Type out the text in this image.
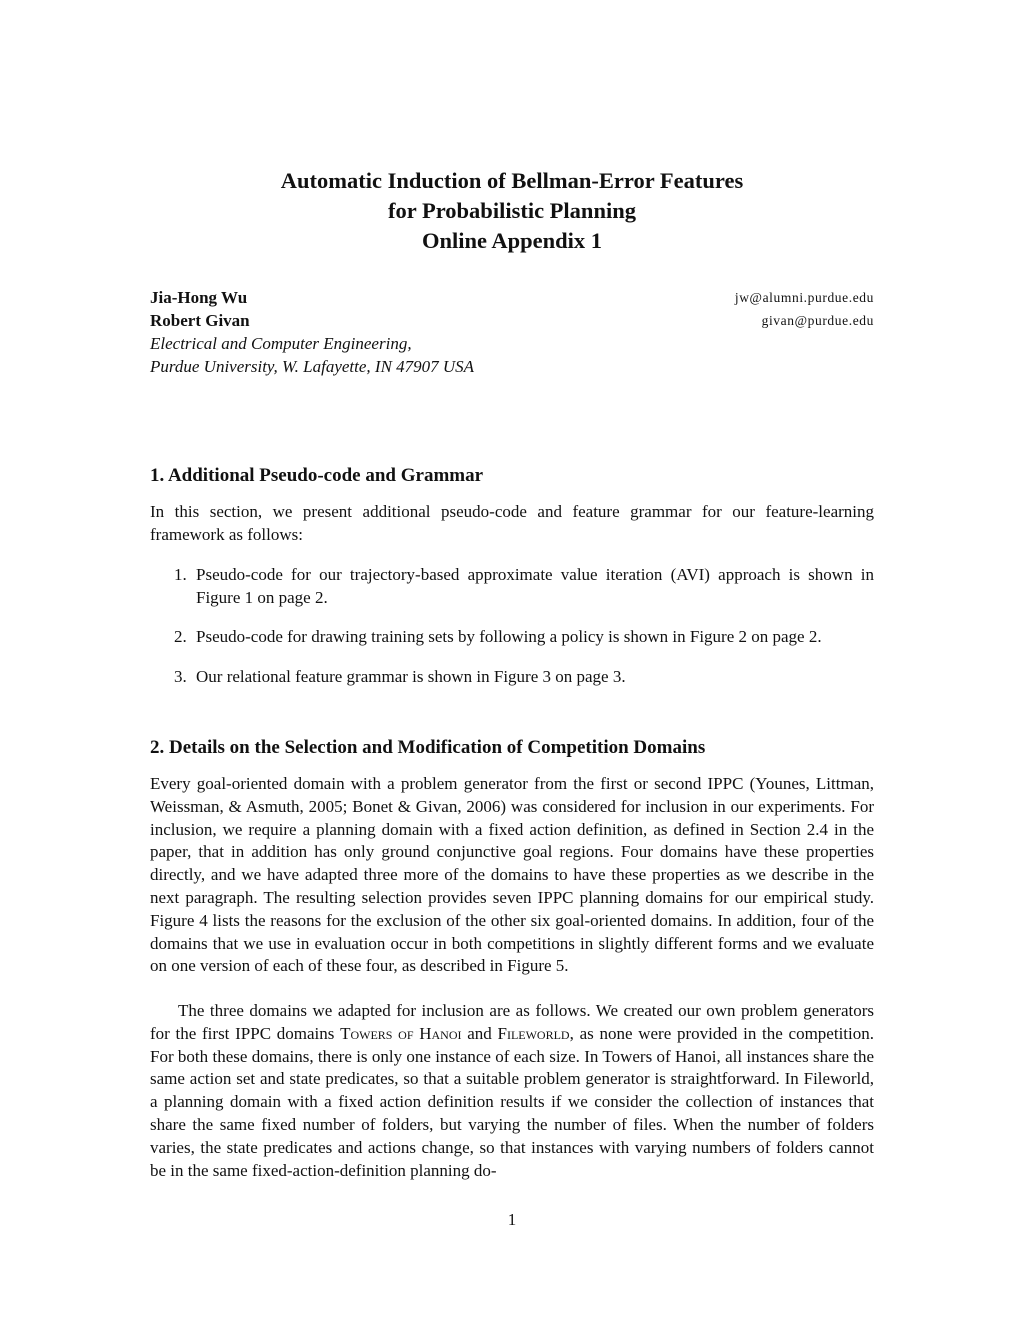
Automatic Induction of Bellman-Error Features
for Probabilistic Planning
Online Appendix 1
Jia-Hong Wu	jw@alumni.purdue.edu
Robert Givan	givan@purdue.edu
Electrical and Computer Engineering,
Purdue University, W. Lafayette, IN 47907 USA
1. Additional Pseudo-code and Grammar
In this section, we present additional pseudo-code and feature grammar for our feature-learning framework as follows:
1. Pseudo-code for our trajectory-based approximate value iteration (AVI) approach is shown in Figure 1 on page 2.
2. Pseudo-code for drawing training sets by following a policy is shown in Figure 2 on page 2.
3. Our relational feature grammar is shown in Figure 3 on page 3.
2. Details on the Selection and Modification of Competition Domains
Every goal-oriented domain with a problem generator from the first or second IPPC (Younes, Littman, Weissman, & Asmuth, 2005; Bonet & Givan, 2006) was considered for inclusion in our experiments. For inclusion, we require a planning domain with a fixed action definition, as defined in Section 2.4 in the paper, that in addition has only ground conjunctive goal regions. Four domains have these properties directly, and we have adapted three more of the domains to have these properties as we describe in the next paragraph. The resulting selection provides seven IPPC planning domains for our empirical study. Figure 4 lists the reasons for the exclusion of the other six goal-oriented domains. In addition, four of the domains that we use in evaluation occur in both competitions in slightly different forms and we evaluate on one version of each of these four, as described in Figure 5.
The three domains we adapted for inclusion are as follows. We created our own problem generators for the first IPPC domains Towers of Hanoi and Fileworld, as none were provided in the competition. For both these domains, there is only one instance of each size. In Towers of Hanoi, all instances share the same action set and state predicates, so that a suitable problem generator is straightforward. In Fileworld, a planning domain with a fixed action definition results if we consider the collection of instances that share the same fixed number of folders, but varying the number of files. When the number of folders varies, the state predicates and actions change, so that instances with varying numbers of folders cannot be in the same fixed-action-definition planning do-
1
